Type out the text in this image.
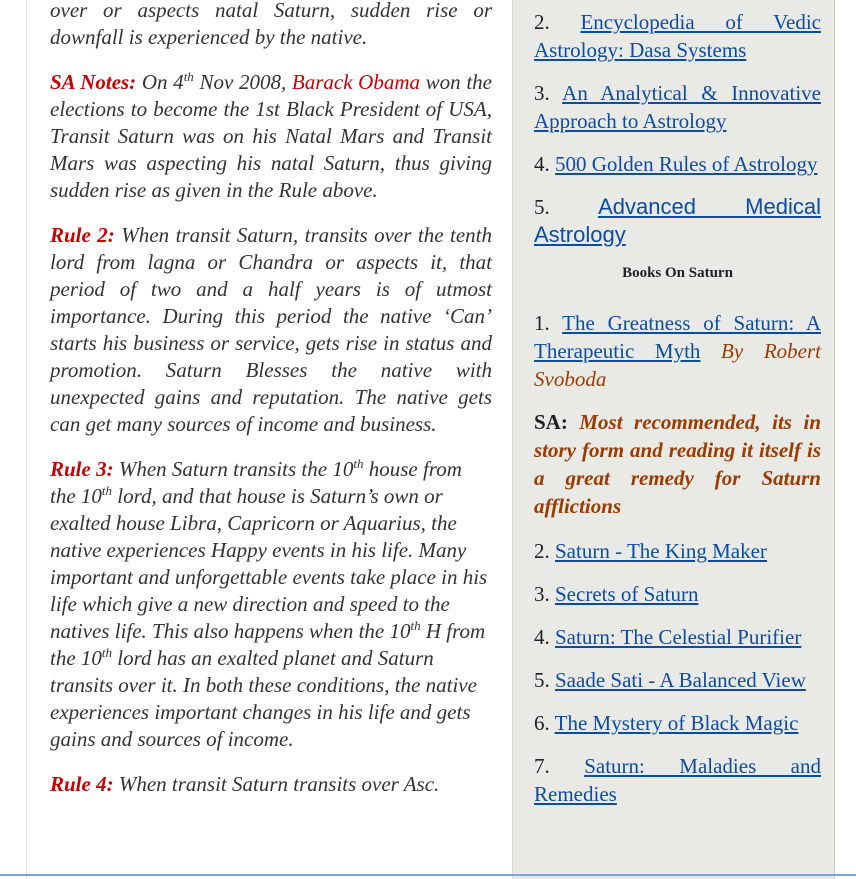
over or aspects natal Saturn, sudden rise or downfall is experienced by the native.

SA Notes: On 4th Nov 2008, Barack Obama won the elections to become the 1st Black President of USA, Transit Saturn was on his Natal Mars and Transit Mars was aspecting his natal Saturn, thus giving sudden rise as given in the Rule above.

Rule 2: When transit Saturn, transits over the tenth lord from lagna or Chandra or aspects it, that period of two and a half years is of utmost importance. During this period the native ‘Can’ starts his business or service, gets rise in status and promotion. Saturn Blesses the native with unexpected gains and reputation. The native gets can get many sources of income and business.

Rule 3: When Saturn transits the 10th house from the 10th lord, and that house is Saturn’s own or exalted house Libra, Capricorn or Aquarius, the native experiences Happy events in his life. Many important and unforgettable events take place in his life which give a new direction and speed to the natives life. This also happens when the 10th H from the 10th lord has an exalted planet and Saturn transits over it. In both these conditions, the native experiences important changes in his life and gets gains and sources of income.

Rule 4: When transit Saturn transits over Asc.

2. Encyclopedia of Vedic Astrology: Dasa Systems
3. An Analytical & Innovative Approach to Astrology
4. 500 Golden Rules of Astrology
5. Advanced Medical Astrology
Books On Saturn
1. The Greatness of Saturn: A Therapeutic Myth By Robert Svoboda
SA: Most recommended, its in story form and reading it itself is a great remedy for Saturn afflictions
2. Saturn - The King Maker
3. Secrets of Saturn
4. Saturn: The Celestial Purifier
5. Saade Sati - A Balanced View
6. The Mystery of Black Magic
7. Saturn: Maladies and Remedies
